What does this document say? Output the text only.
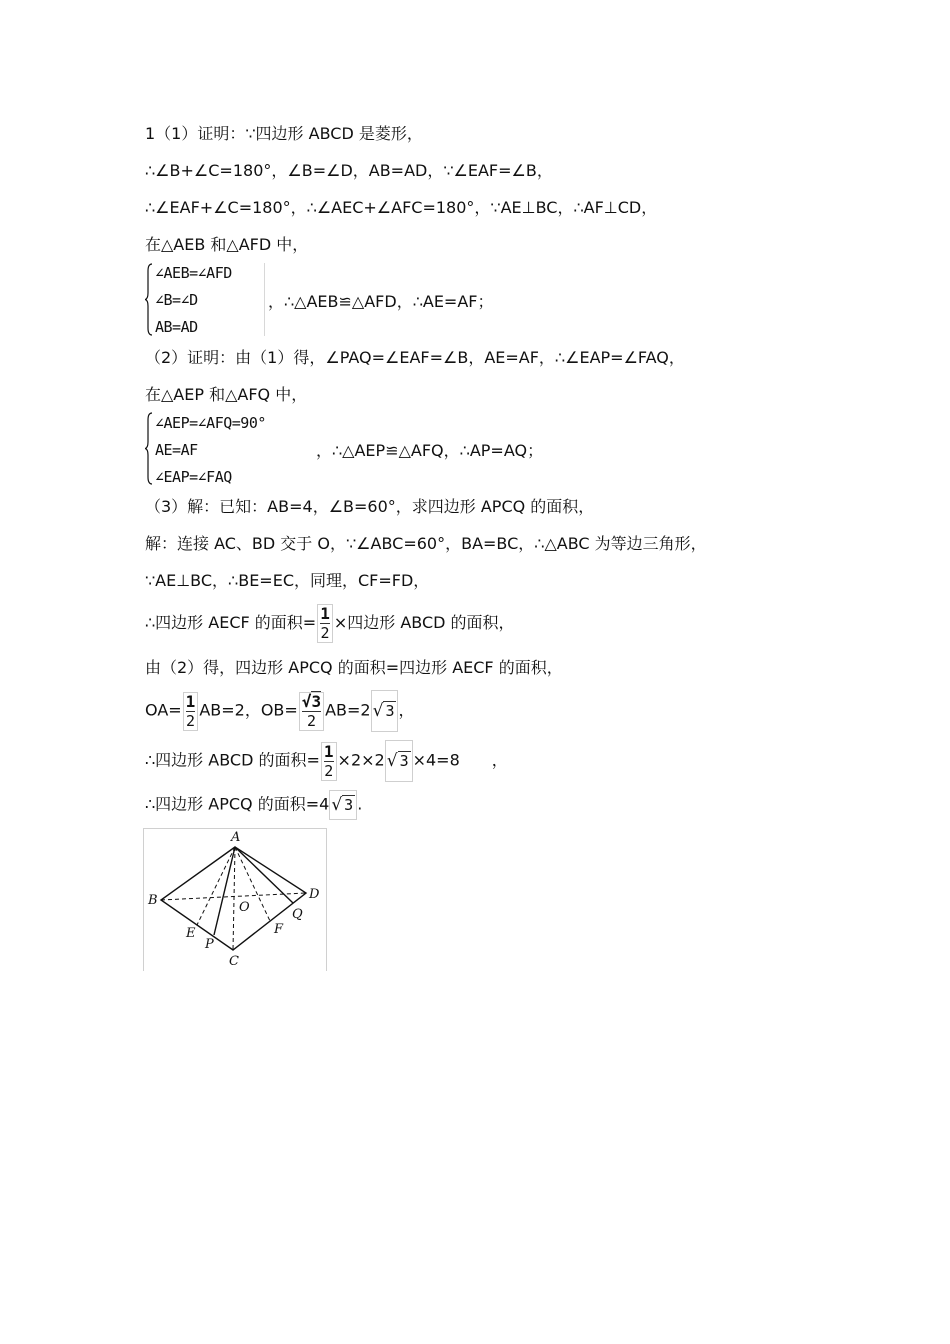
1（1）证明：∵四边形 ABCD 是菱形，
∴∠B+∠C=180°，∠B=∠D，AB=AD，∵∠EAF=∠B，
∴∠EAF+∠C=180°，∴∠AEC+∠AFC=180°，∵AE⊥BC，∴AF⊥CD，
在△AEB 和△AFD 中，
∠AEB=∠AFD
∠B=∠D
AB=AD
，∴△AEB≌△AFD，∴AE=AF；
（2）证明：由（1）得，∠PAQ=∠EAF=∠B，AE=AF，∴∠EAP=∠FAQ，
在△AEP 和△AFQ 中，
∠AEP=∠AFQ=90°
AE=AF
∠EAP=∠FAQ
，∴△AEP≌△AFQ，∴AP=AQ；
（3）解：已知：AB=4，∠B=60°，求四边形 APCQ 的面积，
解：连接 AC、BD 交于 O，∵∠ABC=60°，BA=BC，∴△ABC 为等边三角形，
∵AE⊥BC，∴BE=EC，同理，CF=FD，
∴四边形 AECF 的面积= $\frac{1}{2}$ ×四边形 ABCD 的面积，
由（2）得，四边形 APCQ 的面积=四边形 AECF 的面积，
$OA= \frac{1}{2} AB=2$，$OB= \frac{√3}{2} AB=2$ √ 3 ，
∴四边形 ABCD 的面积= $\frac{1}{2} \times 2\times 2$ √ 3 ×4=8　　，
∴四边形 APCQ 的面积=4 √ 3 .
A
B
C
D
O
E
P
F
Q
